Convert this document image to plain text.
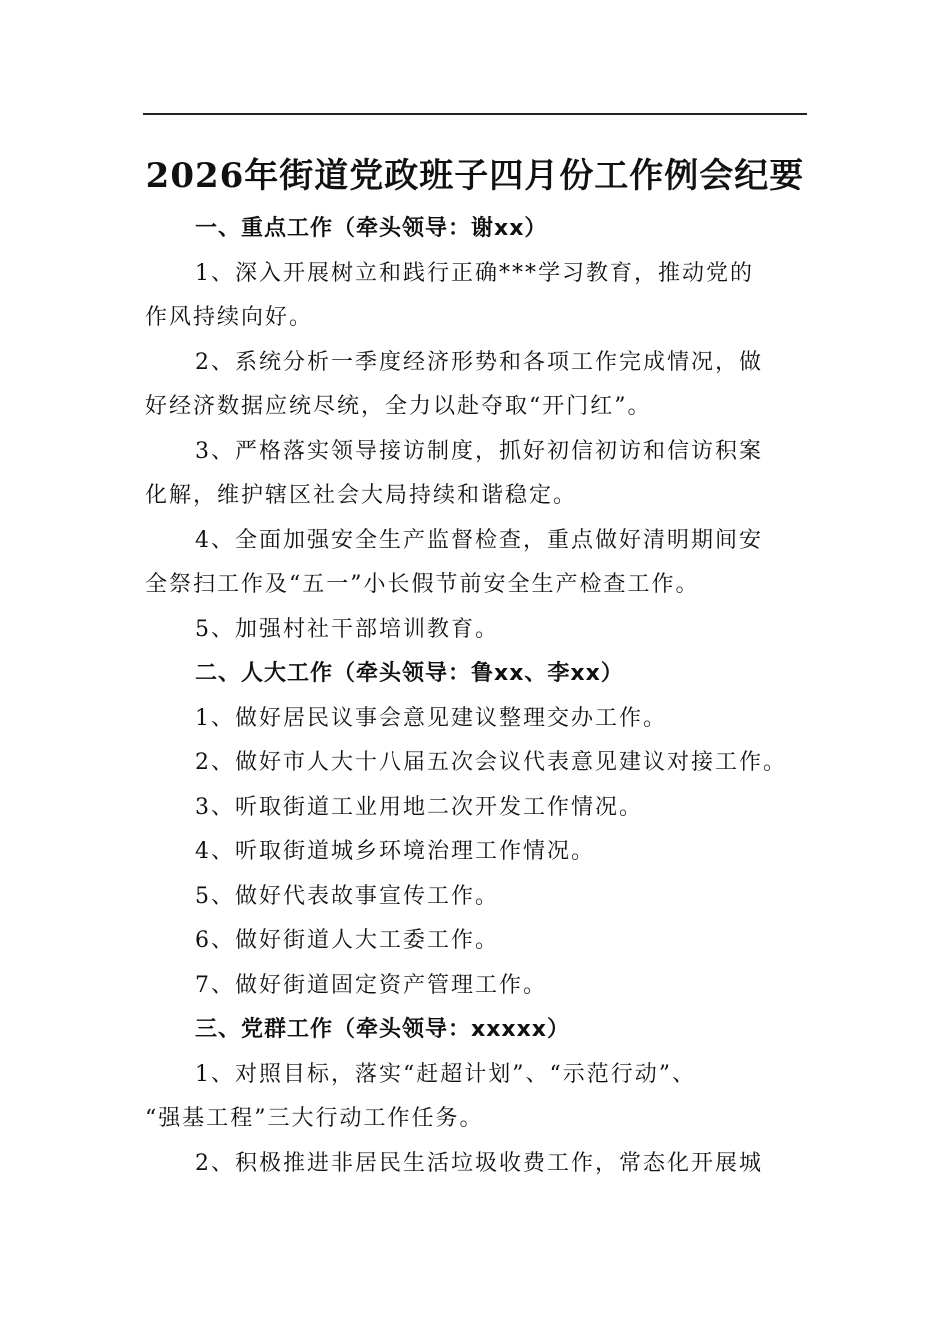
2026年街道党政班子四月份工作例会纪要
一、重点工作（牵头领导：谢xx）
1、深入开展树立和践行正确***学习教育，推动党的
作风持续向好。
2、系统分析一季度经济形势和各项工作完成情况，做
好经济数据应统尽统，全力以赴夺取“开门红”。
3、严格落实领导接访制度，抓好初信初访和信访积案
化解，维护辖区社会大局持续和谐稳定。
4、全面加强安全生产监督检查，重点做好清明期间安
全祭扫工作及“五一”小长假节前安全生产检查工作。
5、加强村社干部培训教育。
二、人大工作（牵头领导：鲁xx、李xx）
1、做好居民议事会意见建议整理交办工作。
2、做好市人大十八届五次会议代表意见建议对接工作。
3、听取街道工业用地二次开发工作情况。
4、听取街道城乡环境治理工作情况。
5、做好代表故事宣传工作。
6、做好街道人大工委工作。
7、做好街道固定资产管理工作。
三、党群工作（牵头领导：xxxxx）
1、对照目标，落实“赶超计划”、“示范行动”、
“强基工程”三大行动工作任务。
2、积极推进非居民生活垃圾收费工作，常态化开展城
